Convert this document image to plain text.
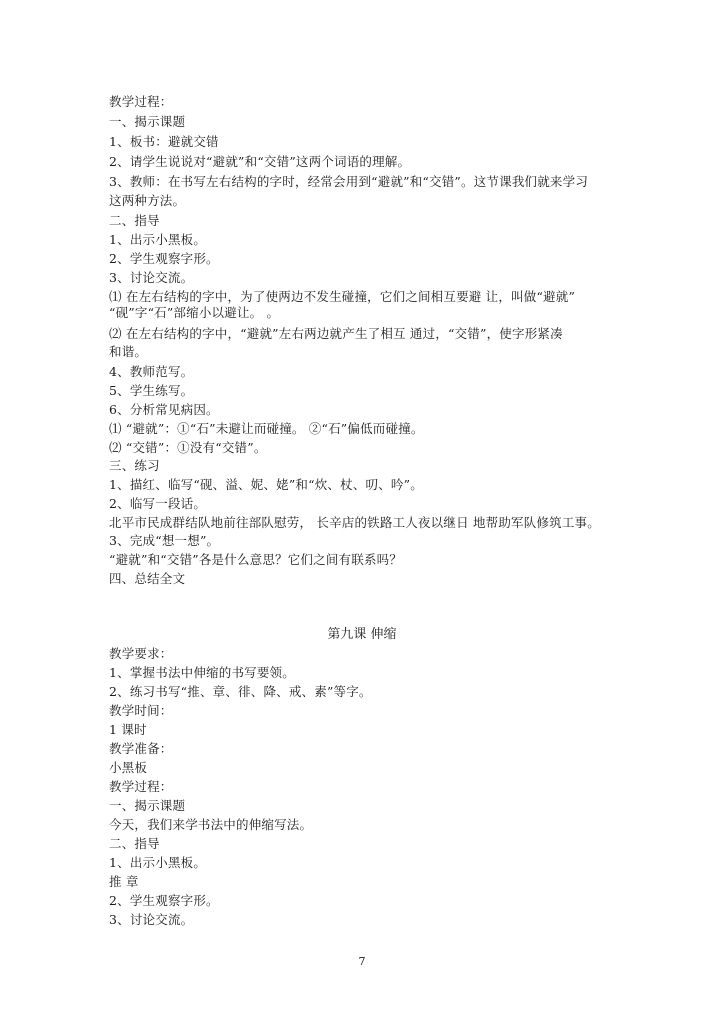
教学过程：
一、揭示课题
1、板书：避就交错
2、请学生说说对“避就”和“交错”这两个词语的理解。
3、教师：在书写左右结构的字时，经常会用到“避就”和“交错”。这节课我们就来学习
这两种方法。
二、指导
1、出示小黑板。
2、学生观察字形。
3、讨论交流。
⑴ 在左右结构的字中，为了使两边不发生碰撞，它们之间相互要避 让，叫做“避就”
“砚”字“石”部缩小以避让。 。
⑵ 在左右结构的字中，“避就”左右两边就产生了相互 通过，“交错”，使字形紧凑
和谐。
4、教师范写。
5、学生练写。
6、分析常见病因。
⑴ “避就”：①“石”未避让而碰撞。 ②“石”偏低而碰撞。
⑵ “交错”：①没有“交错”。
三、练习
1、描红、临写“砚、溢、妮、姥”和“炊、杖、叨、吟”。
2、临写一段话。
北平市民成群结队地前往部队慰劳， 长辛店的铁路工人夜以继日 地帮助军队修筑工事。
3、完成“想一想”。
“避就”和“交错”各是什么意思？它们之间有联系吗？
四、总结全文
第九课 伸缩
教学要求：
1、掌握书法中伸缩的书写要领。
2、练习书写“推、章、徘、降、戒、素”等字。
教学时间：
1 课时
教学准备：
小黑板
教学过程：
一、揭示课题
今天，我们来学书法中的伸缩写法。
二、指导
1、出示小黑板。
推 章
2、学生观察字形。
3、讨论交流。
7
